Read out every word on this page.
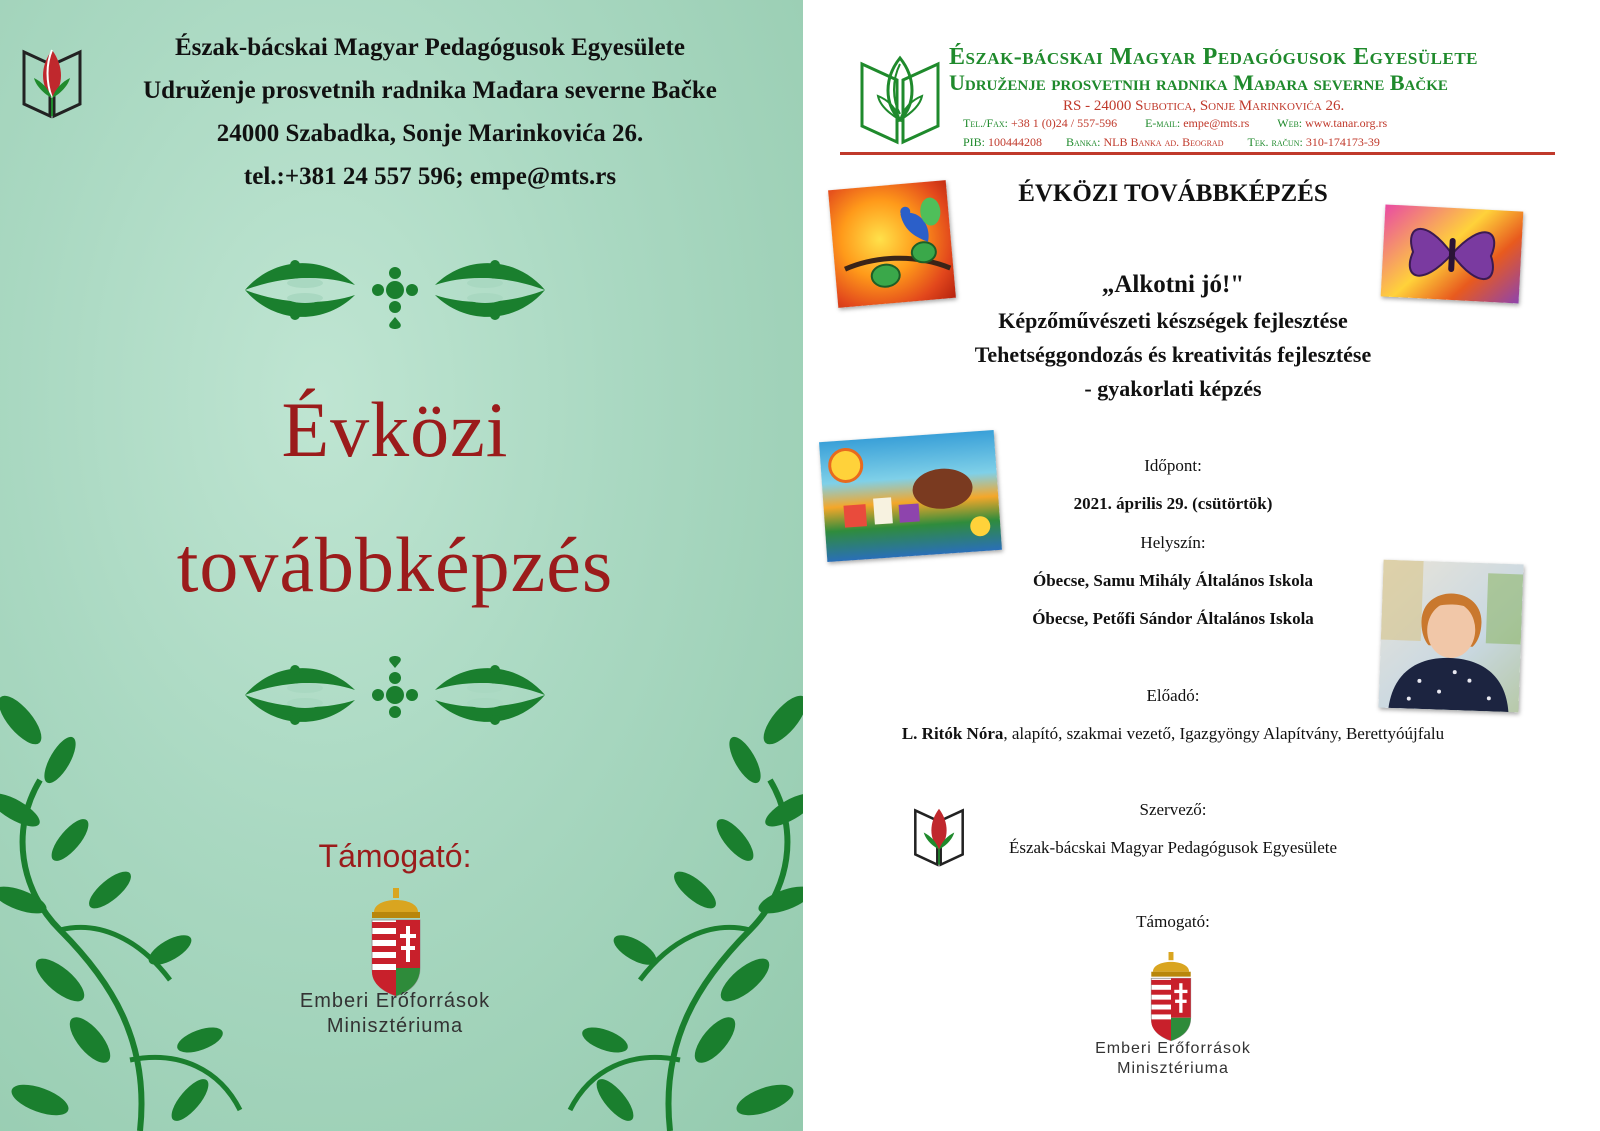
Észak-bácskai Magyar Pedagógusok Egyesülete
Udruženje prosvetnih radnika Mađara severne Bačke
24000 Szabadka, Sonje Marinkovića 26.
tel.:+381 24 557 596; empe@mts.rs
Évközi
továbbképzés
Támogató:
Emberi Erőforrások
Minisztériuma
Észak-bácskai Magyar Pedagógusok Egyesülete
Udruženje prosvetnih radnika Mađara severne Bačke
RS - 24000 Subotica, Sonje Marinkovića 26.
Tel./Fax: +38 1 (0)24 / 557-596 E-mail: empe@mts.rs Web: www.tanar.org.rs
PIB: 100444208 Banka: NLB Banka ad. Beograd Tek. račun: 310-174173-39
ÉVKÖZI TOVÁBBKÉPZÉS
„Alkotni jó!"
Képzőművészeti készségek fejlesztése
Tehetséggondozás és kreativitás fejlesztése
- gyakorlati képzés
Időpont:
2021. április 29. (csütörtök)
Helyszín:
Óbecse, Samu Mihály Általános Iskola
Óbecse, Petőfi Sándor Általános Iskola
Előadó:
L. Ritók Nóra, alapító, szakmai vezető, Igazgyöngy Alapítvány, Berettyóújfalu
Szervező:
Észak-bácskai Magyar Pedagógusok Egyesülete
Támogató:
Emberi Erőforrások
Minisztériuma
